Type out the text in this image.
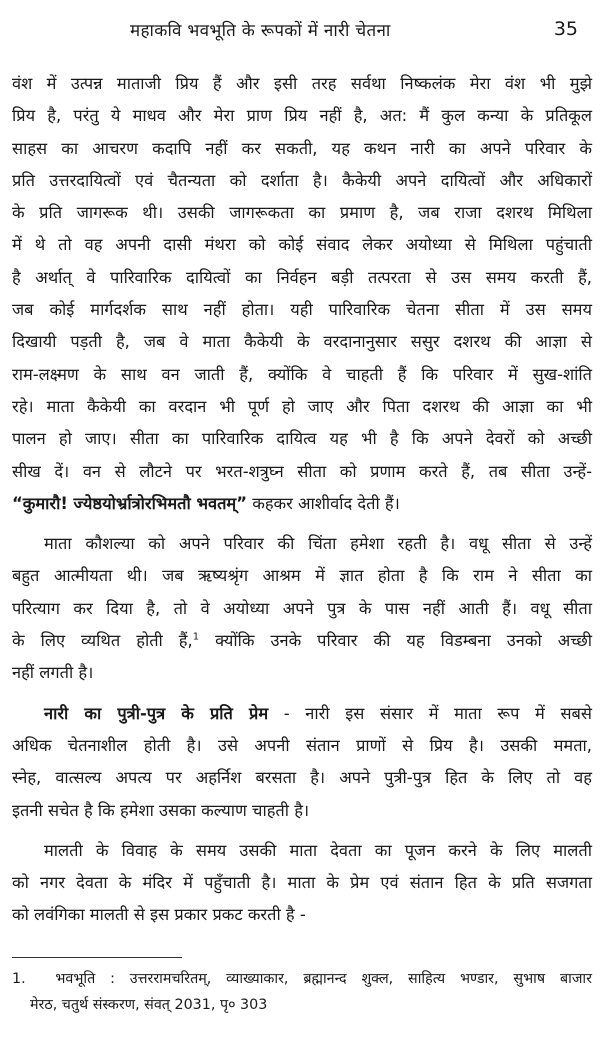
महाकवि भवभूति के रूपकों में नारी चेतना	35
वंश में उत्पन्न माताजी प्रिय हैं और इसी तरह सर्वथा निष्कलंक मेरा वंश भी मुझे
प्रिय है, परंतु ये माधव और मेरा प्राण प्रिय नहीं है, अत: मैं कुल कन्या के प्रतिकूल
साहस का आचरण कदापि नहीं कर सकती, यह कथन नारी का अपने परिवार के
प्रति उत्तरदायित्वों एवं चैतन्यता को दर्शाता है। कैकेयी अपने दायित्वों और अधिकारों
के प्रति जागरूक थी। उसकी जागरूकता का प्रमाण है, जब राजा दशरथ मिथिला
में थे तो वह अपनी दासी मंथरा को कोई संवाद लेकर अयोध्या से मिथिला पहुंचाती
है अर्थात् वे पारिवारिक दायित्वों का निर्वहन बड़ी तत्परता से उस समय करती हैं,
जब कोई मार्गदर्शक साथ नहीं होता। यही पारिवारिक चेतना सीता में उस समय
दिखायी पड़ती है, जब वे माता कैकेयी के वरदानानुसार ससुर दशरथ की आज्ञा से
राम-लक्ष्मण के साथ वन जाती हैं, क्योंकि वे चाहती हैं कि परिवार में सुख-शांति
रहे। माता कैकेयी का वरदान भी पूर्ण हो जाए और पिता दशरथ की आज्ञा का भी
पालन हो जाए। सीता का पारिवारिक दायित्व यह भी है कि अपने देवरों को अच्छी
सीख दें। वन से लौटने पर भरत-शत्रुघ्न सीता को प्रणाम करते हैं, तब सीता उन्हें-
“कुमारौ! ज्येष्ठयोर्भ्रात्रोरभिमतौ भवतम्” कहकर आशीर्वाद देती हैं।
माता कौशल्या को अपने परिवार की चिंता हमेशा रहती है। वधू सीता से उन्हें
बहुत आत्मीयता थी। जब ऋष्यश्रृंग आश्रम में ज्ञात होता है कि राम ने सीता का
परित्याग कर दिया है, तो वे अयोध्या अपने पुत्र के पास नहीं आती हैं। वधू सीता
के लिए व्यथित होती हैं,$^1$ क्योंकि उनके परिवार की यह विडम्बना उनको अच्छी
नहीं लगती है।
नारी का पुत्री-पुत्र के प्रति प्रेम - नारी इस संसार में माता रूप में सबसे
अधिक चेतनाशील होती है। उसे अपनी संतान प्राणों से प्रिय है। उसकी ममता,
स्नेह, वात्सल्य अपत्य पर अहर्निश बरसता है। अपने पुत्री-पुत्र हित के लिए तो वह
इतनी सचेत है कि हमेशा उसका कल्याण चाहती है।
मालती के विवाह के समय उसकी माता देवता का पूजन करने के लिए मालती
को नगर देवता के मंदिर में पहुँचाती है। माता के प्रेम एवं संतान हित के प्रति सजगता
को लवंगिका मालती से इस प्रकार प्रकट करती है -
1. भवभूति : उत्तररामचरितम्, व्याख्याकार, ब्रह्मानन्द शुक्ल, साहित्य भण्डार, सुभाष बाजार
मेरठ, चतुर्थ संस्करण, संवत् 2031, पृ० 303
